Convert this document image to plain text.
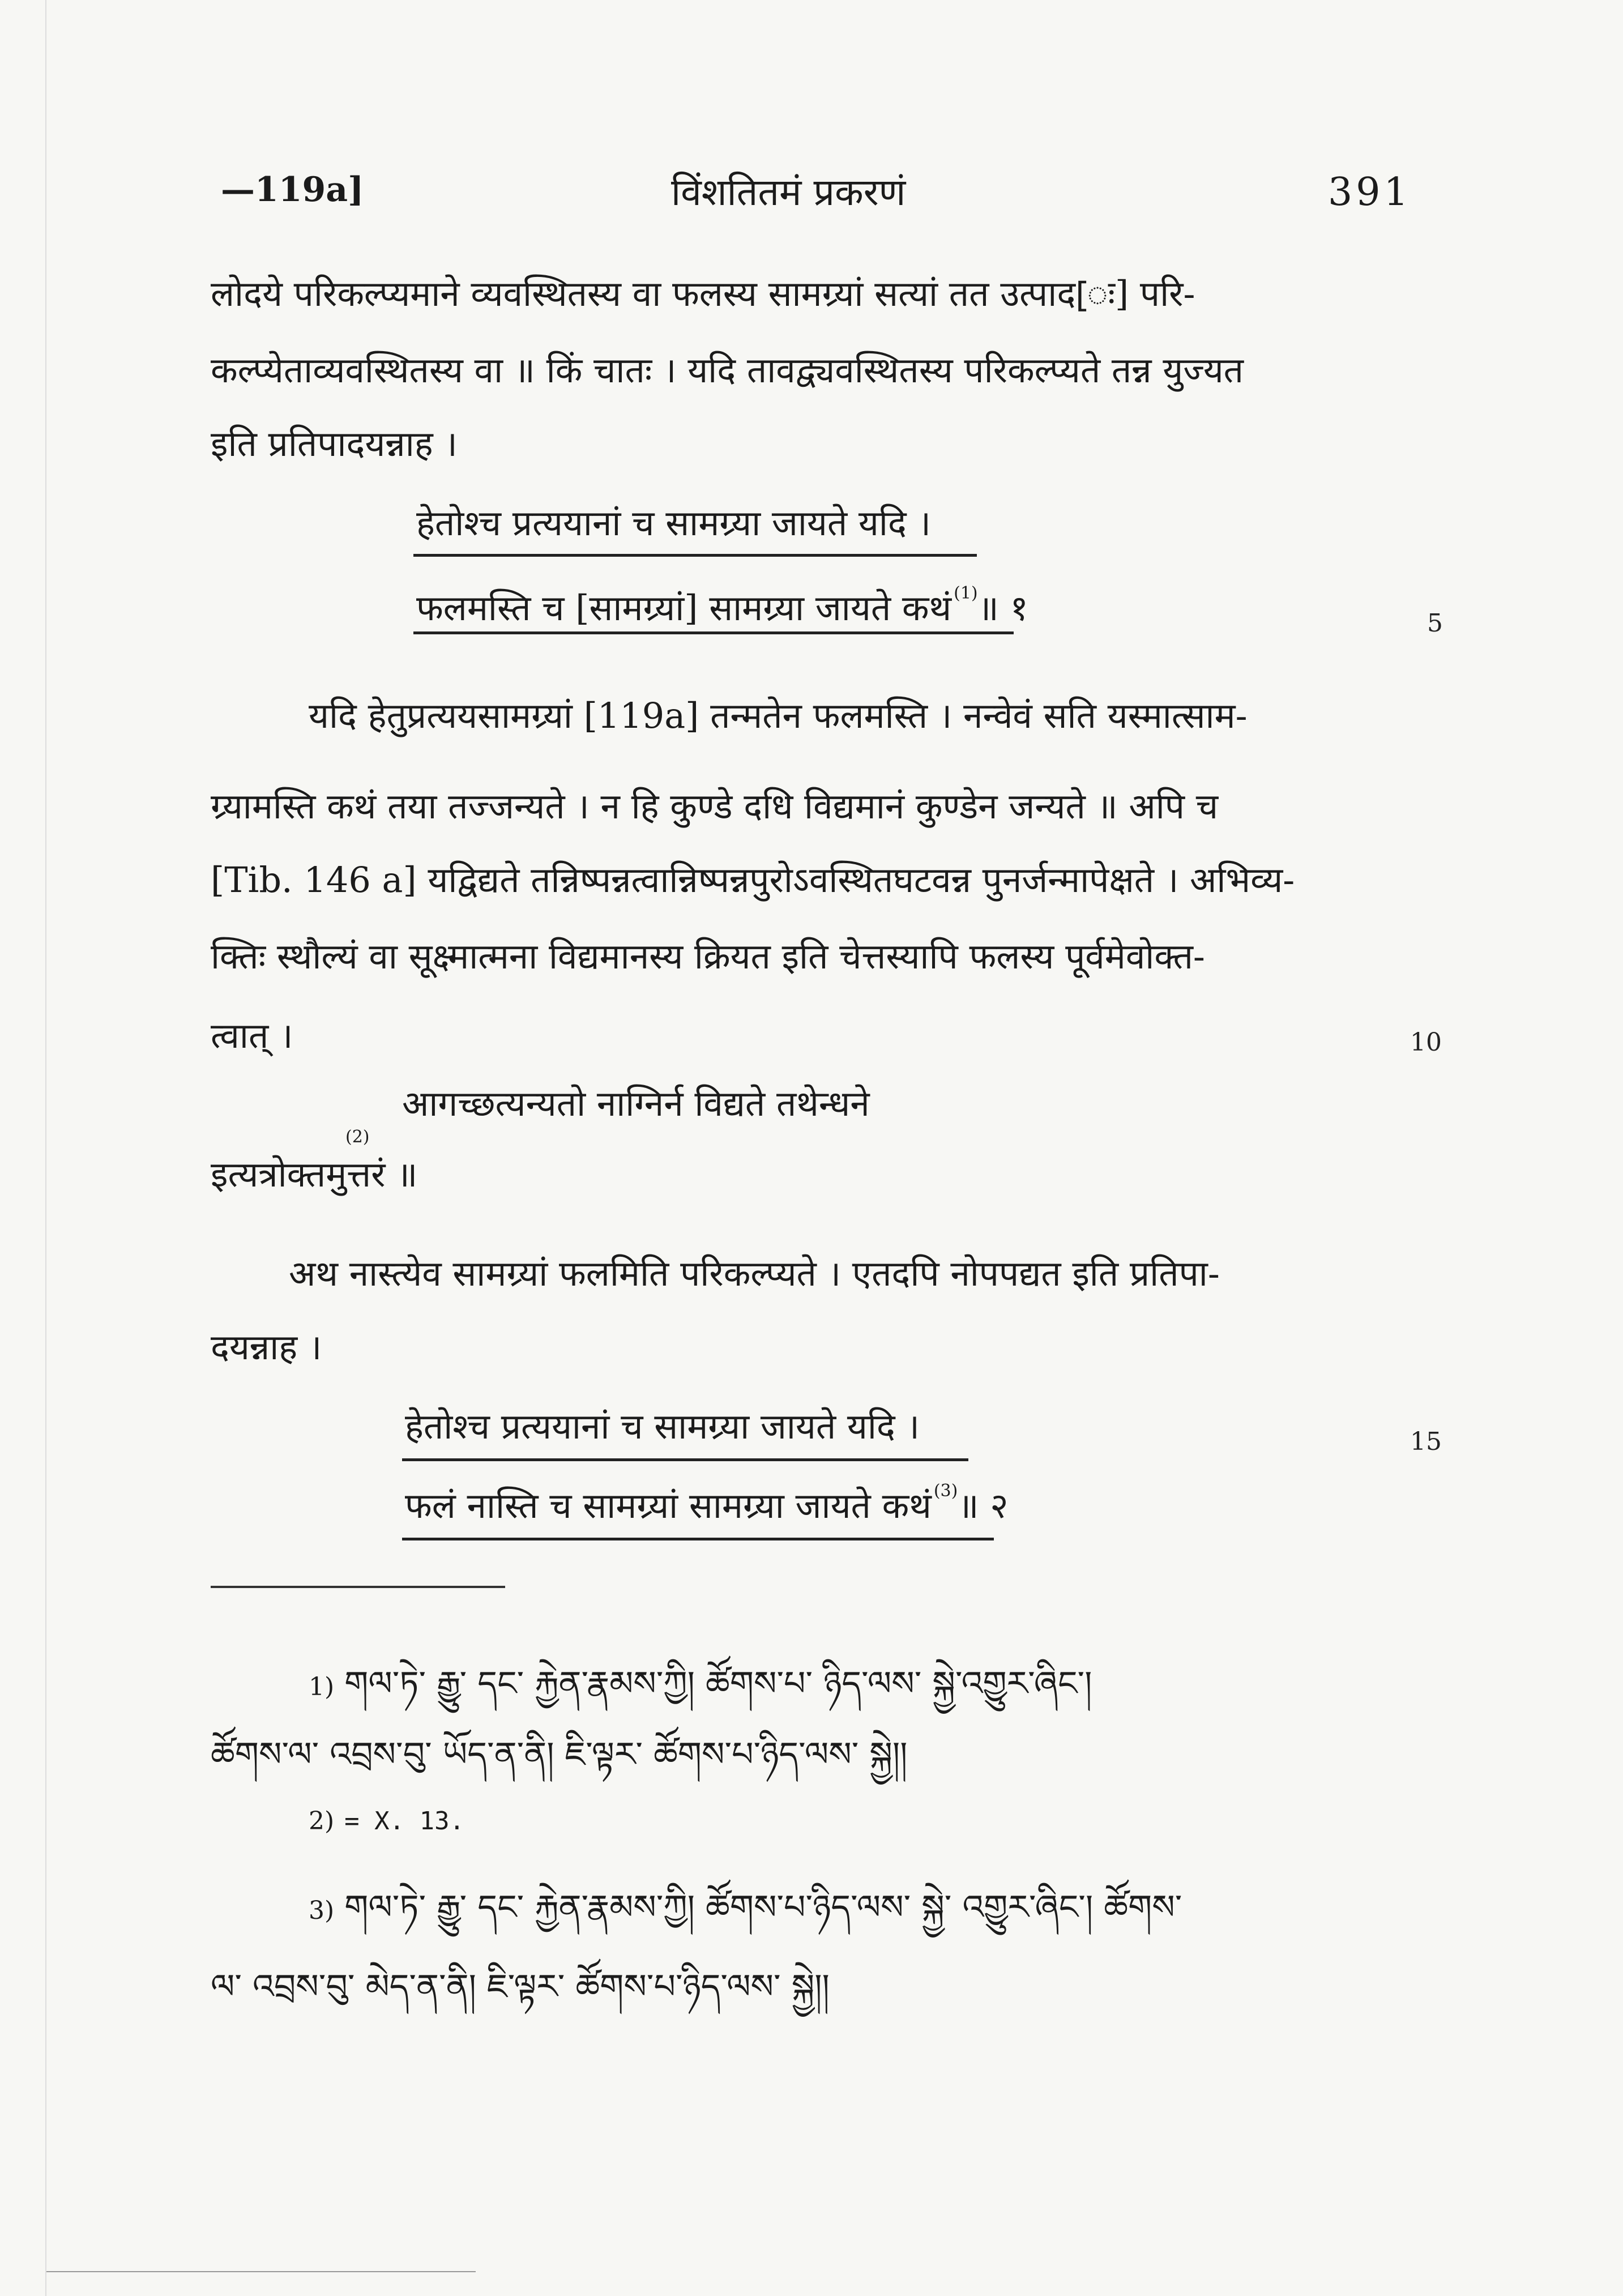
—119a]	विंशतितमं प्रकरणं	391
लोदये परिकल्प्यमाने व्यवस्थितस्य वा फलस्य सामग्र्यां सत्यां तत उत्पाद[ः] परि-
कल्प्येताव्यवस्थितस्य वा ॥ किं चातः । यदि तावद्व्यवस्थितस्य परिकल्प्यते तन्न युज्यत
इति प्रतिपादयन्नाह ।
हेतोश्च प्रत्ययानां च सामग्र्या जायते यदि ।
फलमस्ति च [सामग्र्यां] सामग्र्या जायते कथं $^{(1)}$॥ १	5
यदि हेतुप्रत्ययसामग्र्यां [119a] तन्मतेन फलमस्ति । नन्वेवं सति यस्मात्साम-
ग्र्यामस्ति कथं तया तज्जन्यते । न हि कुण्डे दधि विद्यमानं कुण्डेन जन्यते ॥ अपि च
[Tib. 146 a] यद्विद्यते तन्निष्पन्नत्वान्निष्पन्नपुरोऽवस्थितघटवन्न पुनर्जन्मापेक्षते । अभिव्य-
क्तिः स्थौल्यं वा सूक्ष्मात्मना विद्यमानस्य क्रियत इति चेत्तस्यापि फलस्य पूर्वमेवोक्त-
त्वात् ।	10
आगच्छत्यन्यतो नाग्निर्न विद्यते तथेन्धने
(2)
इत्यत्रोक्तमुत्तरं ॥
अथ नास्त्येव सामग्र्यां फलमिति परिकल्प्यते । एतदपि नोपपद्यत इति प्रतिपा-
दयन्नाह ।
हेतोश्च प्रत्ययानां च सामग्र्या जायते यदि ।	15
फलं नास्ति च सामग्र्यां सामग्र्या जायते कथं $^{(3)}$॥ २
1) གལ་ཏེ་ རྒྱུ་ དང་ རྐྱེན་རྣམས་ཀྱི། ཚོགས་པ་ ཉིད་ལས་ སྐྱེ་འགྱུར་ཞིང་།
ཚོགས་ལ་ འབྲས་བུ་ ཡོད་ན་ནི། ཇི་ལྟར་ ཚོགས་པ་ཉིད་ལས་ སྐྱེ།།
2) = X. 13.
3) གལ་ཏེ་ རྒྱུ་ དང་ རྐྱེན་རྣམས་ཀྱི། ཚོགས་པ་ཉིད་ལས་ སྐྱེ་ འགྱུར་ཞིང་། ཚོགས་
ལ་ འབྲས་བུ་ མེད་ན་ནི། ཇི་ལྟར་ ཚོགས་པ་ཉིད་ལས་ སྐྱེ།།
